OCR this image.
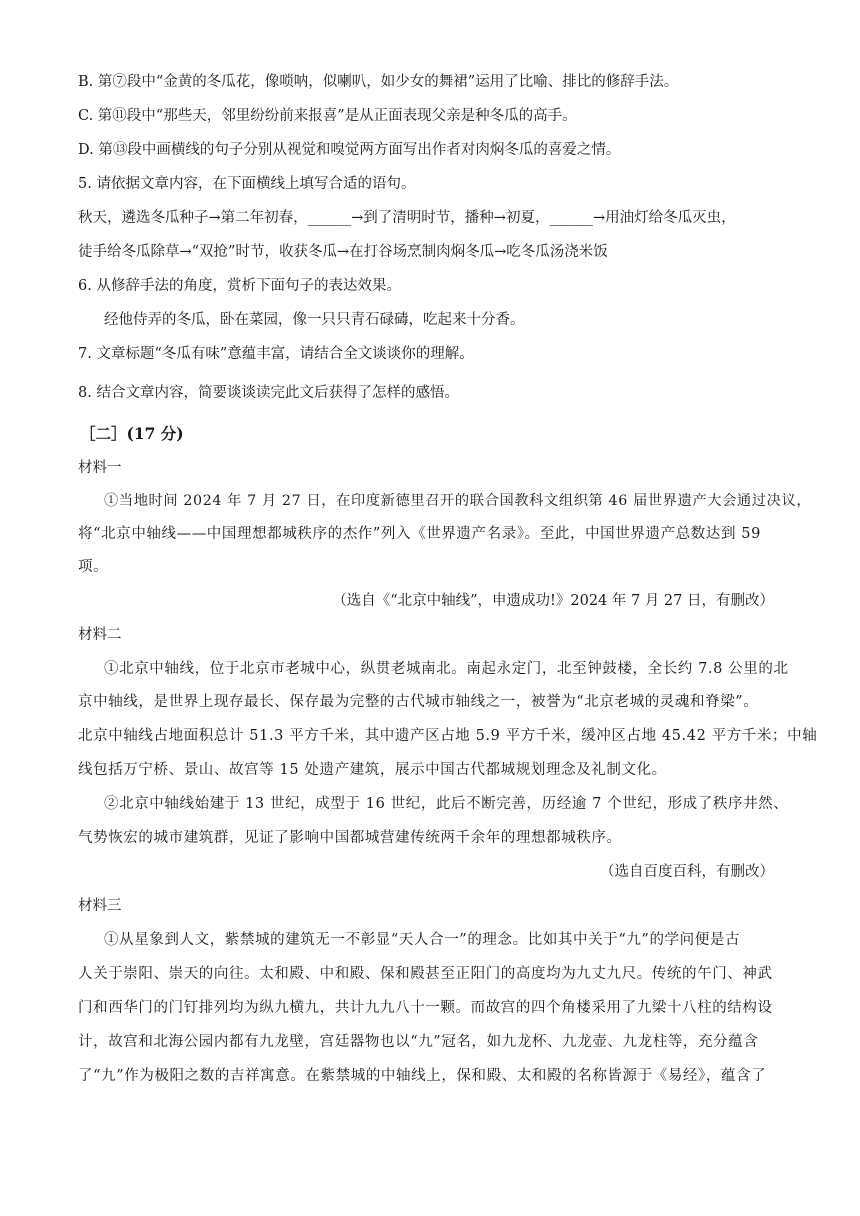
B. 第⑦段中“金黄的冬瓜花，像唢呐，似喇叭，如少女的舞裙”运用了比喻、排比的修辞手法。
C. 第⑪段中“那些天，邻里纷纷前来报喜”是从正面表现父亲是种冬瓜的高手。
D. 第⑬段中画横线的句子分别从视觉和嗅觉两方面写出作者对肉焖冬瓜的喜爱之情。
5. 请依据文章内容，在下面横线上填写合适的语句。
秋天，遴选冬瓜种子→第二年初春，______→到了清明时节，播种→初夏，______→用油灯给冬瓜灭虫，
徒手给冬瓜除草→“双抢”时节，收获冬瓜→在打谷场烹制肉焖冬瓜→吃冬瓜汤浇米饭
6. 从修辞手法的角度，赏析下面句子的表达效果。
经他侍弄的冬瓜，卧在菜园，像一只只青石碌碡，吃起来十分香。
7. 文章标题“冬瓜有味”意蕴丰富，请结合全文谈谈你的理解。
8. 结合文章内容，简要谈谈读完此文后获得了怎样的感悟。
［二］(17 分)
材料一
①当地时间 2024 年 7 月 27 日，在印度新德里召开的联合国教科文组织第 46 届世界遗产大会通过决议，
将“北京中轴线——中国理想都城秩序的杰作”列入《世界遗产名录》。至此，中国世界遗产总数达到 59
项。
（选自《“北京中轴线”，申遗成功!》2024 年 7 月 27 日，有删改）
材料二
①北京中轴线，位于北京市老城中心，纵贯老城南北。南起永定门，北至钟鼓楼，全长约 7.8 公里的北
京中轴线，是世界上现存最长、保存最为完整的古代城市轴线之一，被誉为“北京老城的灵魂和脊梁”。
北京中轴线占地面积总计 51.3 平方千米，其中遗产区占地 5.9 平方千米，缓冲区占地 45.42 平方千米；中轴
线包括万宁桥、景山、故宫等 15 处遗产建筑，展示中国古代都城规划理念及礼制文化。
②北京中轴线始建于 13 世纪，成型于 16 世纪，此后不断完善，历经逾 7 个世纪，形成了秩序井然、
气势恢宏的城市建筑群，见证了影响中国都城营建传统两千余年的理想都城秩序。
（选自百度百科，有删改）
材料三
①从星象到人文，紫禁城的建筑无一不彰显“天人合一”的理念。比如其中关于“九”的学问便是古
人关于崇阳、崇天的向往。太和殿、中和殿、保和殿甚至正阳门的高度均为九丈九尺。传统的午门、神武
门和西华门的门钉排列均为纵九横九，共计九九八十一颗。而故宫的四个角楼采用了九梁十八柱的结构设
计，故宫和北海公园内都有九龙壁，宫廷器物也以“九”冠名，如九龙杯、九龙壶、九龙柱等，充分蕴含
了“九”作为极阳之数的吉祥寓意。在紫禁城的中轴线上，保和殿、太和殿的名称皆源于《易经》，蕴含了
